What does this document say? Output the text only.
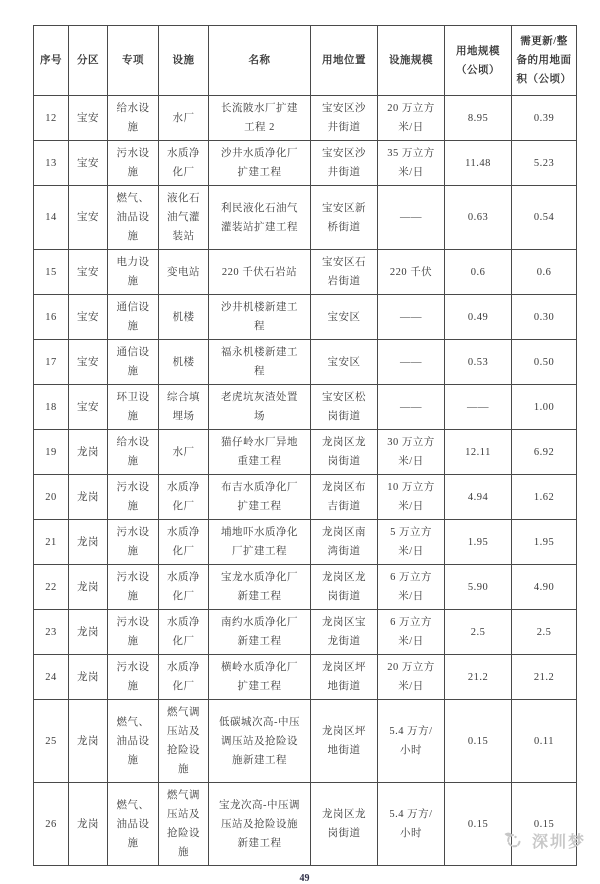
序号	分区	专项	设施	名称	用地位置	设施规模	用地规模（公顷）	需更新/整备的用地面积（公顷）
12	宝安	给水设施	水厂	长流陂水厂扩建工程 2	宝安区沙井街道	20 万立方米/日	8.95	0.39
13	宝安	污水设施	水质净化厂	沙井水质净化厂扩建工程	宝安区沙井街道	35 万立方米/日	11.48	5.23
14	宝安	燃气、油品设施	液化石油气灌装站	利民液化石油气灌装站扩建工程	宝安区新桥街道	——	0.63	0.54
15	宝安	电力设施	变电站	220 千伏石岩站	宝安区石岩街道	220 千伏	0.6	0.6
16	宝安	通信设施	机楼	沙井机楼新建工程	宝安区	——	0.49	0.30
17	宝安	通信设施	机楼	福永机楼新建工程	宝安区	——	0.53	0.50
18	宝安	环卫设施	综合填埋场	老虎坑灰渣处置场	宝安区松岗街道	——	——	1.00
19	龙岗	给水设施	水厂	猫仔岭水厂异地重建工程	龙岗区龙岗街道	30 万立方米/日	12.11	6.92
20	龙岗	污水设施	水质净化厂	布吉水质净化厂扩建工程	龙岗区布吉街道	10 万立方米/日	4.94	1.62
21	龙岗	污水设施	水质净化厂	埔地吓水质净化厂扩建工程	龙岗区南湾街道	5 万立方米/日	1.95	1.95
22	龙岗	污水设施	水质净化厂	宝龙水质净化厂新建工程	龙岗区龙岗街道	6 万立方米/日	5.90	4.90
23	龙岗	污水设施	水质净化厂	南约水质净化厂新建工程	龙岗区宝龙街道	6 万立方米/日	2.5	2.5
24	龙岗	污水设施	水质净化厂	横岭水质净化厂扩建工程	龙岗区坪地街道	20 万立方米/日	21.2	21.2
25	龙岗	燃气、油品设施	燃气调压站及抢险设施	低碳城次高-中压调压站及抢险设施新建工程	龙岗区坪地街道	5.4 万方/小时	0.15	0.11
26	龙岗	燃气、油品设施	燃气调压站及抢险设施	宝龙次高-中压调压站及抢险设施新建工程	龙岗区龙岗街道	5.4 万方/小时	0.15	0.15
49
深圳梦
